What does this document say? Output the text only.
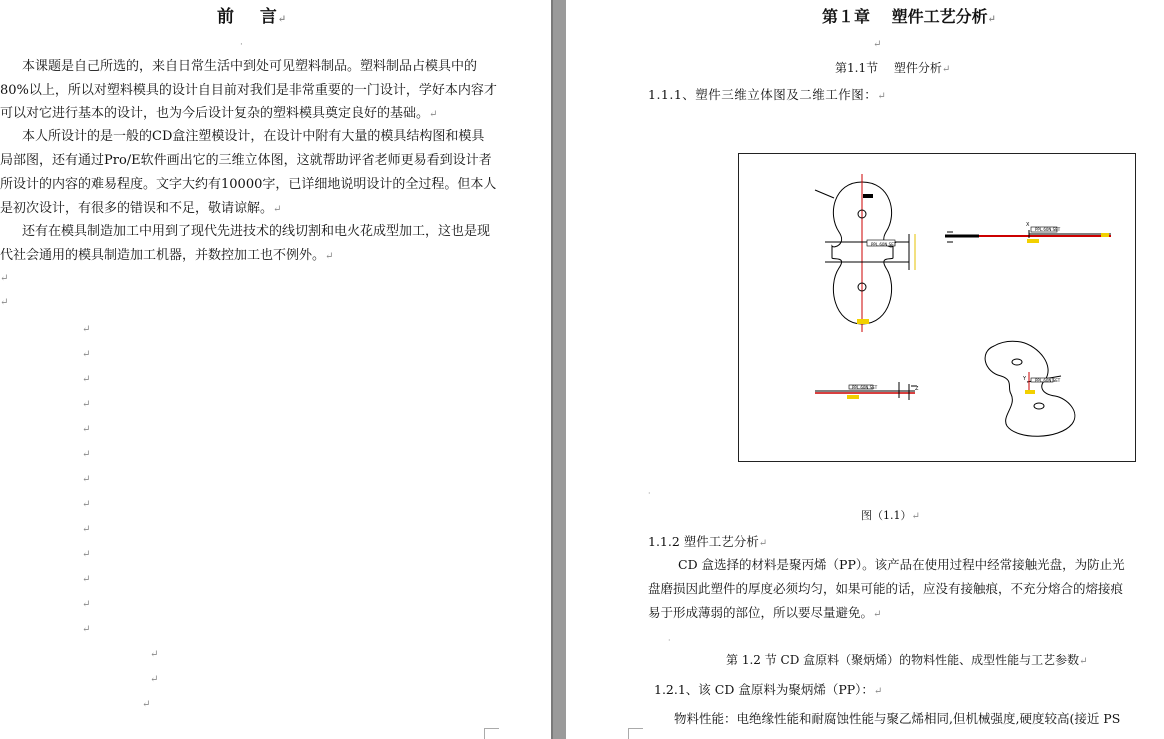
前　 言↵
·
本课题是自己所选的，来自日常生活中到处可见塑料制品。塑料制品占模具中的
80%以上，所以对塑料模具的设计自目前对我们是非常重要的一门设计，学好本内容才
可以对它进行基本的设计，也为今后设计复杂的塑料模具奠定良好的基础。↵
本人所设计的是一般的CD盒注塑模设计，在设计中附有大量的模具结构图和模具
局部图，还有通过Pro/E软件画出它的三维立体图，这就帮助评省老师更易看到设计者
所设计的内容的难易程度。文字大约有10000字，已详细地说明设计的全过程。但本人
是初次设计，有很多的错误和不足，敬请谅解。↵
还有在模具制造加工中用到了现代先进技术的线切割和电火花成型加工，这也是现
代社会通用的模具制造加工机器，并数控加工也不例外。↵
↵
↵
↵
↵
↵
↵
↵
↵
↵
↵
↵
↵
↵
↵
↵
↵
↵
↵
第１章　 塑件工艺分析↵
↵
第1.1节　 塑件分析↵
1.1.1、塑件三维立体图及二维工作图：↵
PPL.60N.SET
PPL.60N.SET
PPL.60N.SET
PPL.60N.SET
Y
Z
X
·
图（1.1）↵
1.1.2 塑件工艺分析↵
CD 盒选择的材料是聚丙烯（PP）。该产品在使用过程中经常接触光盘，为防止光
盘磨损因此塑件的厚度必须均匀，如果可能的话，应没有接触痕，不充分熔合的熔接痕
易于形成薄弱的部位，所以要尽量避免。↵
·
第 1.2 节 CD 盒原料（聚炳烯）的物料性能、成型性能与工艺参数↵
1.2.1、该 CD 盒原料为聚炳烯（PP）：↵
物料性能：电绝缘性能和耐腐蚀性能与聚乙烯相同,但机械强度,硬度较高(接近 PS
